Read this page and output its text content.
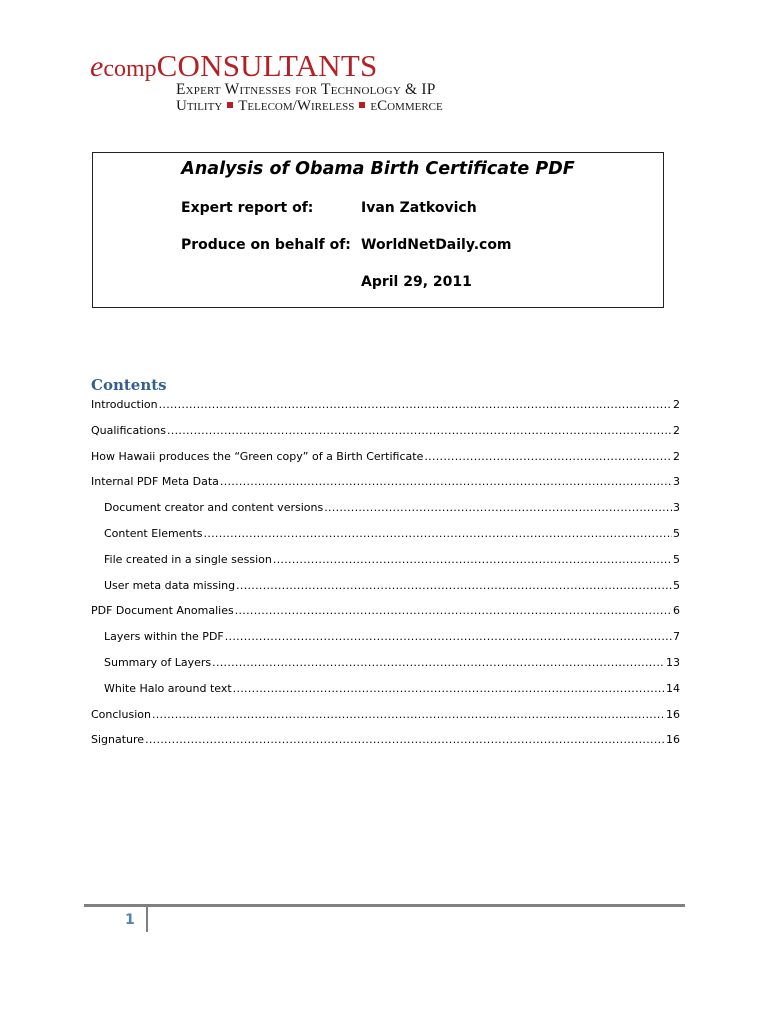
ecompCONSULTANTS
Expert Witnesses for Technology & IP
Utility Telecom/Wireless eCommerce
Analysis of Obama Birth Certificate PDF
Expert report of:	Ivan Zatkovich
Produce on behalf of: WorldNetDaily.com
April 29, 2011
Contents
Introduction .....	2
Qualifications .....	2
How Hawaii produces the “Green copy” of a Birth Certificate .....	2
Internal PDF Meta Data .....	3
Document creator and content versions .....	3
Content Elements .....	5
File created in a single session .....	5
User meta data missing .....	5
PDF Document Anomalies .....	6
Layers within the PDF .....	7
Summary of Layers .....	13
White Halo around text .....	14
Conclusion .....	16
Signature .....	16
1
